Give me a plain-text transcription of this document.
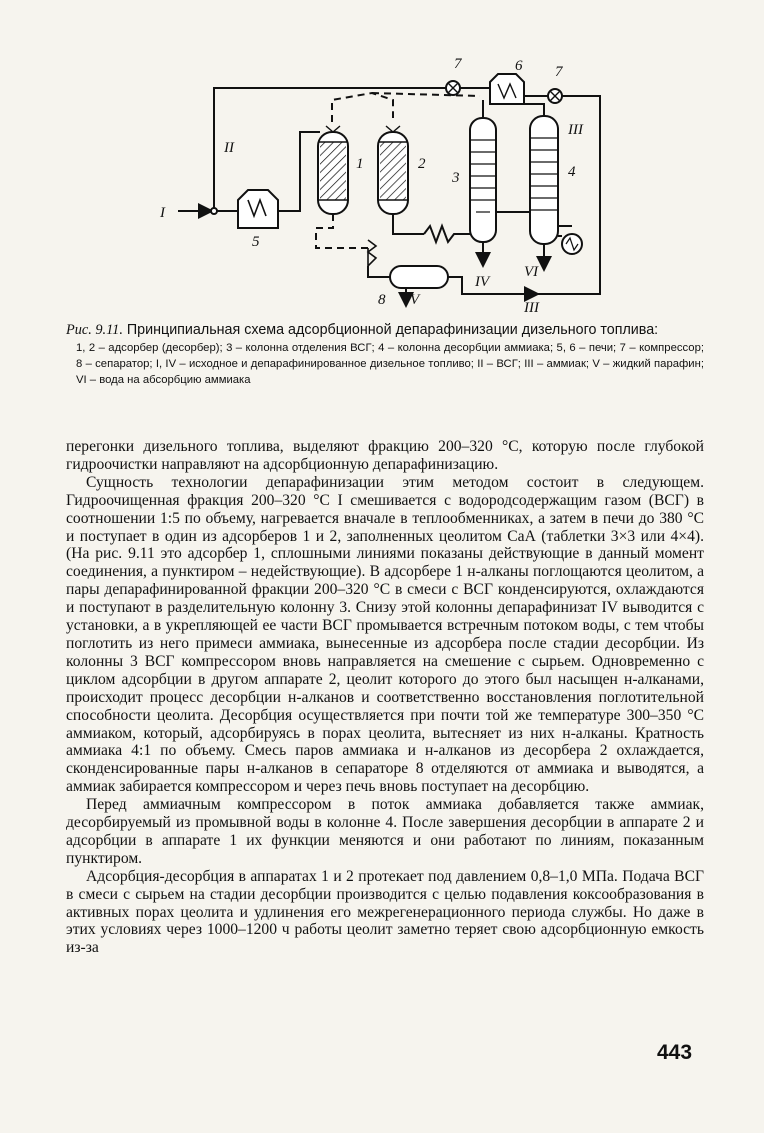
I
II
III
III
IV
V
VI
1	2
3	4
5
6
7	7
8

Рис. 9.11. Принципиальная схема адсорбционной депарафинизации дизельного топлива:

1, 2 – адсорбер (десорбер); 3 – колонна отделения ВСГ; 4 – колонна десорбции аммиака; 5, 6 – печи; 7 – компрессор; 8 – сепаратор; I, IV – исходное и депарафинированное дизельное топливо; II – ВСГ; III – аммиак; V – жидкий парафин; VI – вода на абсорбцию аммиака

перегонки дизельного топлива, выделяют фракцию 200–320 °С, которую после глубокой гидроочистки направляют на адсорбционную депарафинизацию.

Сущность технологии депарафинизации этим методом состоит в следующем. Гидроочищенная фракция 200–320 °С I смешивается с водородсодержащим газом (ВСГ) в соотношении 1:5 по объему, нагревается вначале в теплообменниках, а затем в печи до 380 °С и поступает в один из адсорберов 1 и 2, заполненных цеолитом СаА (таблетки 3×3 или 4×4). (На рис. 9.11 это адсорбер 1, сплошными линиями показаны действующие в данный момент соединения, а пунктиром – недействующие). В адсорбере 1 н-алканы поглощаются цеолитом, а пары депарафинированной фракции 200–320 °С в смеси с ВСГ конденсируются, охлаждаются и поступают в разделительную колонну 3. Снизу этой колонны депарафинизат IV выводится с установки, а в укрепляющей ее части ВСГ промывается встречным потоком воды, с тем чтобы поглотить из него примеси аммиака, вынесенные из адсорбера после стадии десорбции. Из колонны 3 ВСГ компрессором вновь направляется на смешение с сырьем. Одновременно с циклом адсорбции в другом аппарате 2, цеолит которого до этого был насыщен н-алканами, происходит процесс десорбции н-алканов и соответственно восстановления поглотительной способности цеолита. Десорбция осуществляется при почти той же температуре 300–350 °С аммиаком, который, адсорбируясь в порах цеолита, вытесняет из них н-алканы. Кратность аммиака 4:1 по объему. Смесь паров аммиака и н-алканов из десорбера 2 охлаждается, сконденсированные пары н-алканов в сепараторе 8 отделяются от аммиака и выводятся, а аммиак забирается компрессором и через печь вновь поступает на десорбцию.

Перед аммиачным компрессором в поток аммиака добавляется также аммиак, десорбируемый из промывной воды в колонне 4. После завершения десорбции в аппарате 2 и адсорбции в аппарате 1 их функции меняются и они работают по линиям, показанным пунктиром.

Адсорбция-десорбция в аппаратах 1 и 2 протекает под давлением 0,8–1,0 МПа. Подача ВСГ в смеси с сырьем на стадии десорбции производится с целью подавления коксообразования в активных порах цеолита и удлинения его межрегенерационного периода службы. Но даже в этих условиях через 1000–1200 ч работы цеолит заметно теряет свою адсорбционную емкость из-за

443
